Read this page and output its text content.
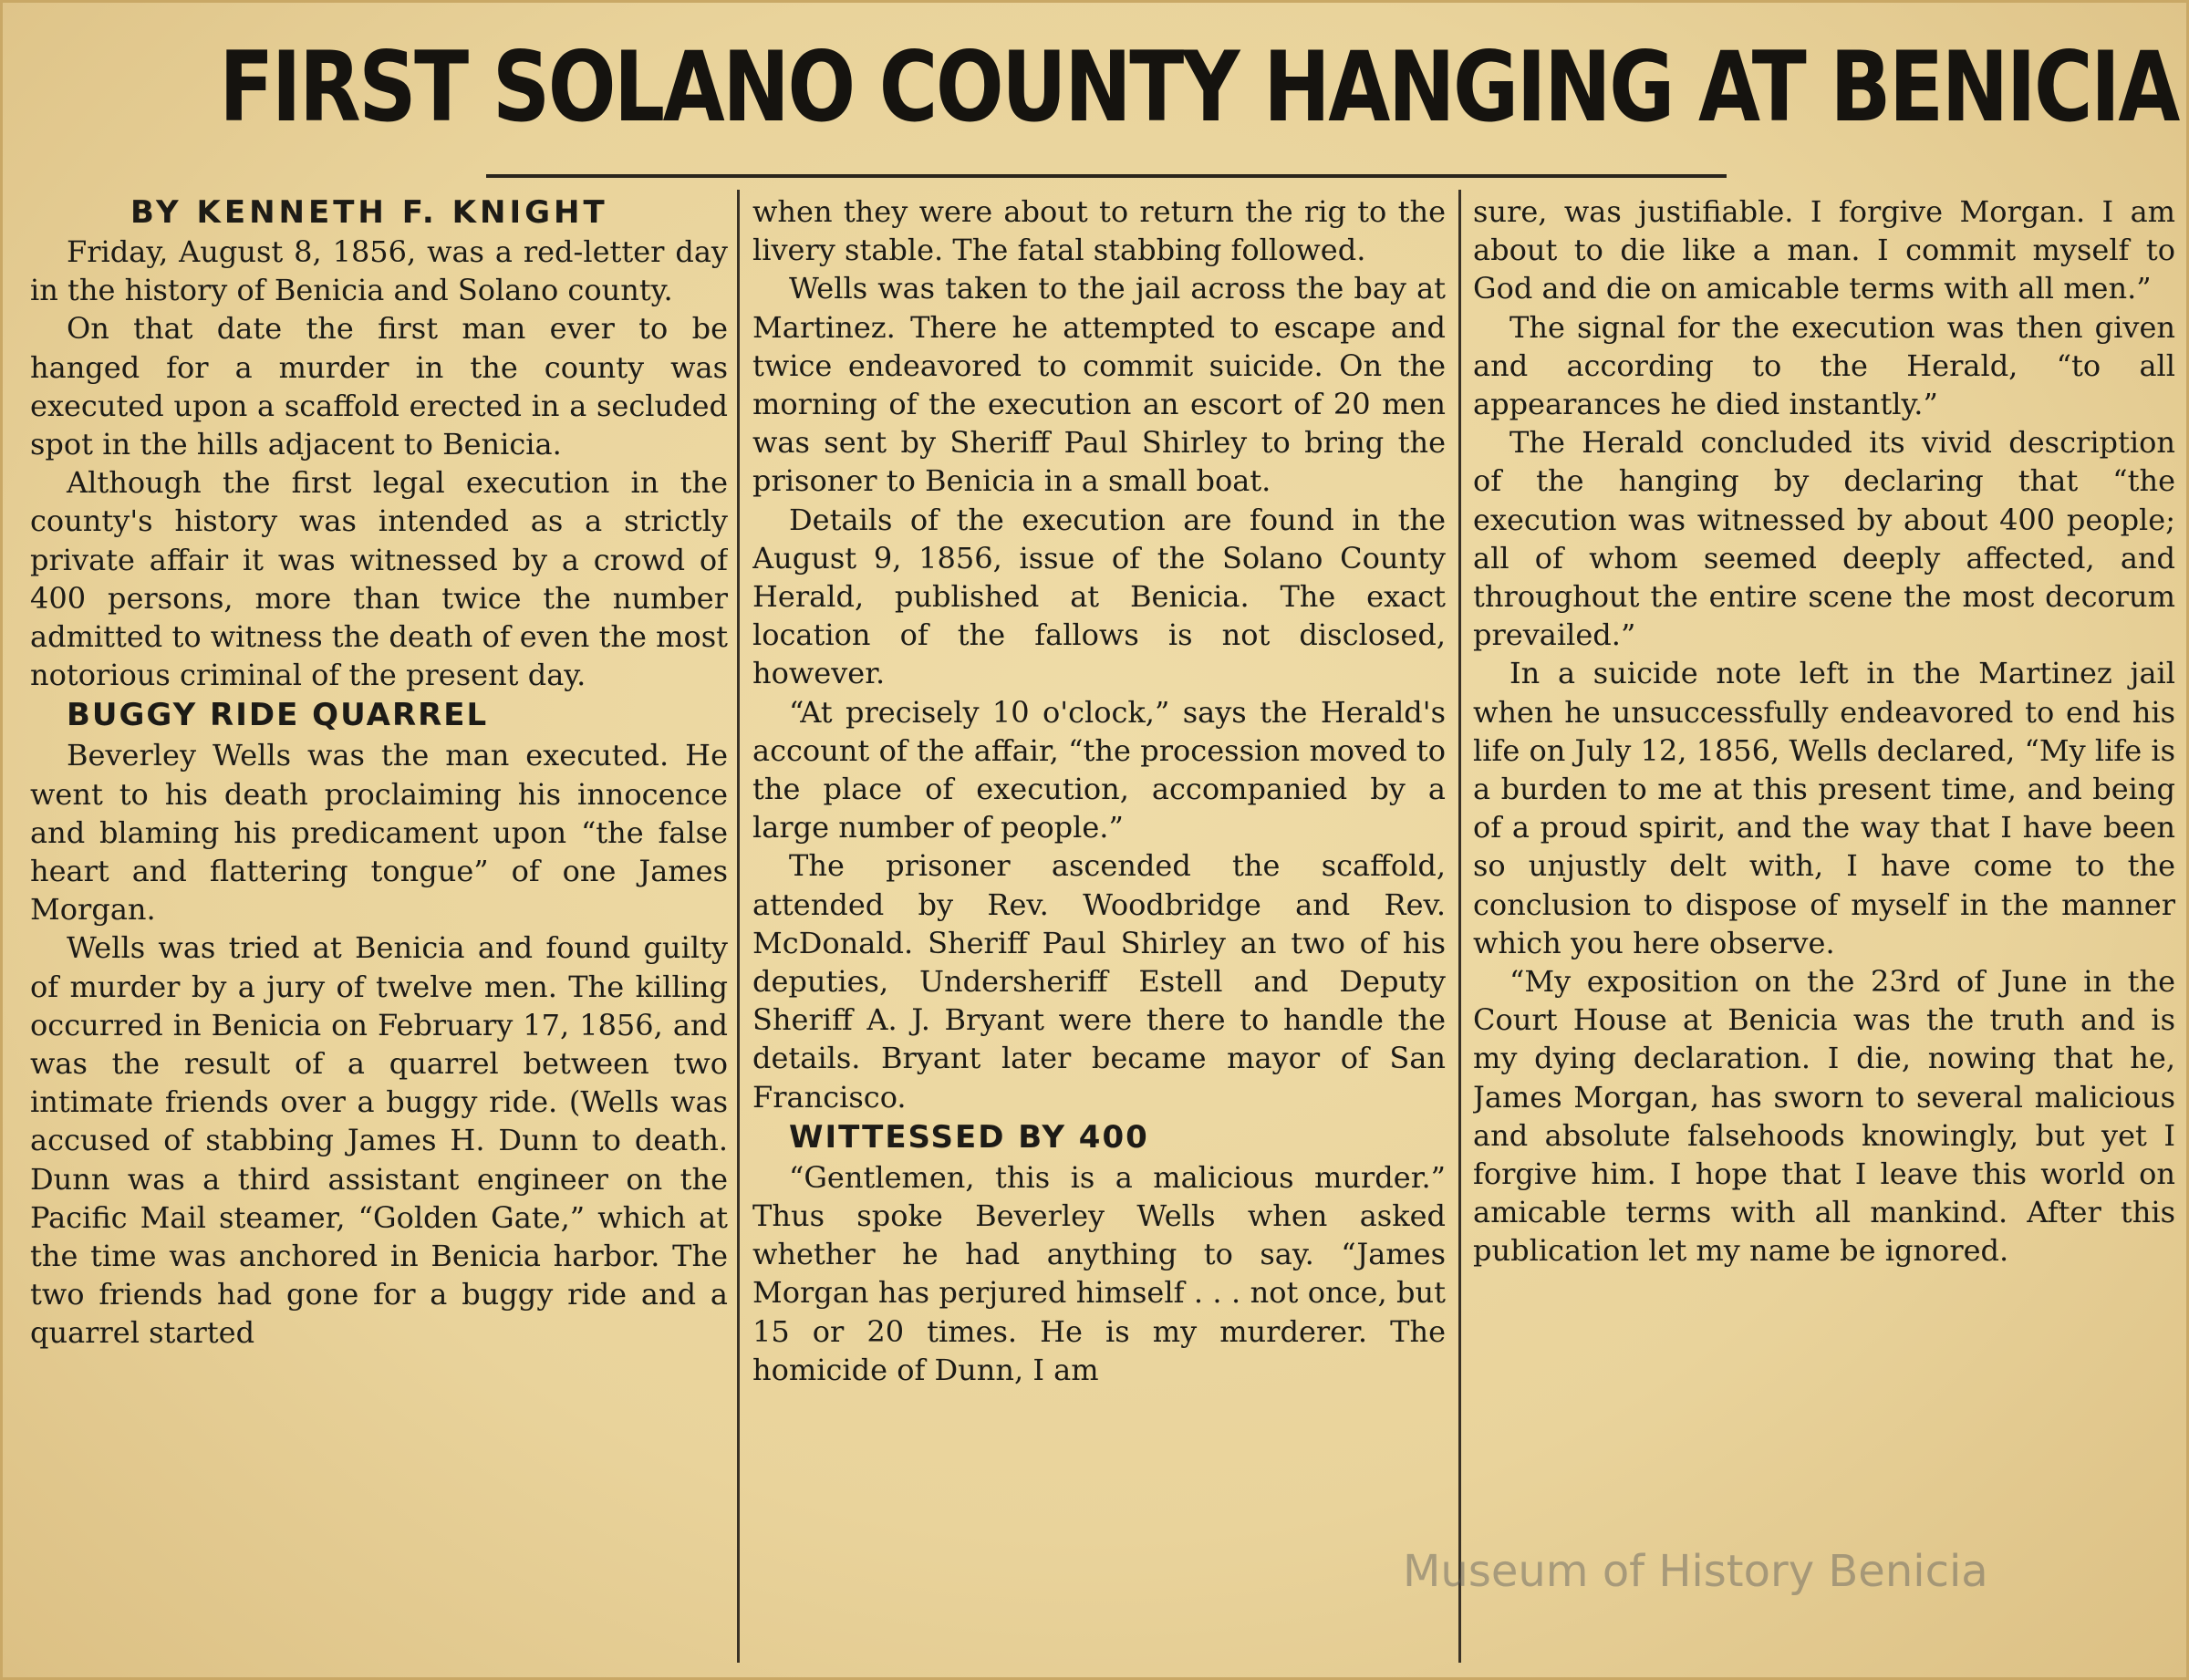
FIRST SOLANO COUNTY HANGING AT BENICIA

BY KENNETH F. KNIGHT

Friday, August 8, 1856, was a red-letter day in the history of Benicia and Solano county.

On that date the first man ever to be hanged for a murder in the county was executed upon a scaffold erected in a secluded spot in the hills adjacent to Benicia.

Although the first legal execution in the county's history was intended as a strictly private affair it was witnessed by a crowd of 400 persons, more than twice the number admitted to witness the death of even the most notorious criminal of the present day.

BUGGY RIDE QUARREL

Beverley Wells was the man executed. He went to his death proclaiming his innocence and blaming his predicament upon “the false heart and flattering tongue” of one James Morgan.

Wells was tried at Benicia and found guilty of murder by a jury of twelve men. The killing occurred in Benicia on February 17, 1856, and was the result of a quarrel between two intimate friends over a buggy ride. (Wells was accused of stabbing James H. Dunn to death. Dunn was a third assistant engineer on the Pacific Mail steamer, “Golden Gate,” which at the time was anchored in Benicia harbor. The two friends had gone for a buggy ride and a quarrel started

when they were about to return the rig to the livery stable. The fatal stabbing followed.

Wells was taken to the jail across the bay at Martinez. There he attempted to escape and twice endeavored to commit suicide. On the morning of the execution an escort of 20 men was sent by Sheriff Paul Shirley to bring the prisoner to Benicia in a small boat.

Details of the execution are found in the August 9, 1856, issue of the Solano County Herald, published at Benicia. The exact location of the fallows is not disclosed, however.

“At precisely 10 o'clock,” says the Herald's account of the affair, “the procession moved to the place of execution, accompanied by a large number of people.”

The prisoner ascended the scaffold, attended by Rev. Woodbridge and Rev. McDonald. Sheriff Paul Shirley an two of his deputies, Undersheriff Estell and Deputy Sheriff A. J. Bryant were there to handle the details. Bryant later became mayor of San Francisco.

WITTESSED BY 400

“Gentlemen, this is a malicious murder.” Thus spoke Beverley Wells when asked whether he had anything to say. “James Morgan has perjured himself . . . not once, but 15 or 20 times. He is my murderer. The homicide of Dunn, I am

sure, was justifiable. I forgive Morgan. I am about to die like a man. I commit myself to God and die on amicable terms with all men.”

The signal for the execution was then given and according to the Herald, “to all appearances he died instantly.”

The Herald concluded its vivid description of the hanging by declaring that “the execution was witnessed by about 400 people; all of whom seemed deeply affected, and throughout the entire scene the most decorum prevailed.”

In a suicide note left in the Martinez jail when he unsuccessfully endeavored to end his life on July 12, 1856, Wells declared, “My life is a burden to me at this present time, and being of a proud spirit, and the way that I have been so unjustly delt with, I have come to the conclusion to dispose of myself in the manner which you here observe.

“My exposition on the 23rd of June in the Court House at Benicia was the truth and is my dying declaration. I die, nowing that he, James Morgan, has sworn to several malicious and absolute falsehoods knowingly, but yet I forgive him. I hope that I leave this world on amicable terms with all mankind. After this publication let my name be ignored.

Museum of History Benicia
